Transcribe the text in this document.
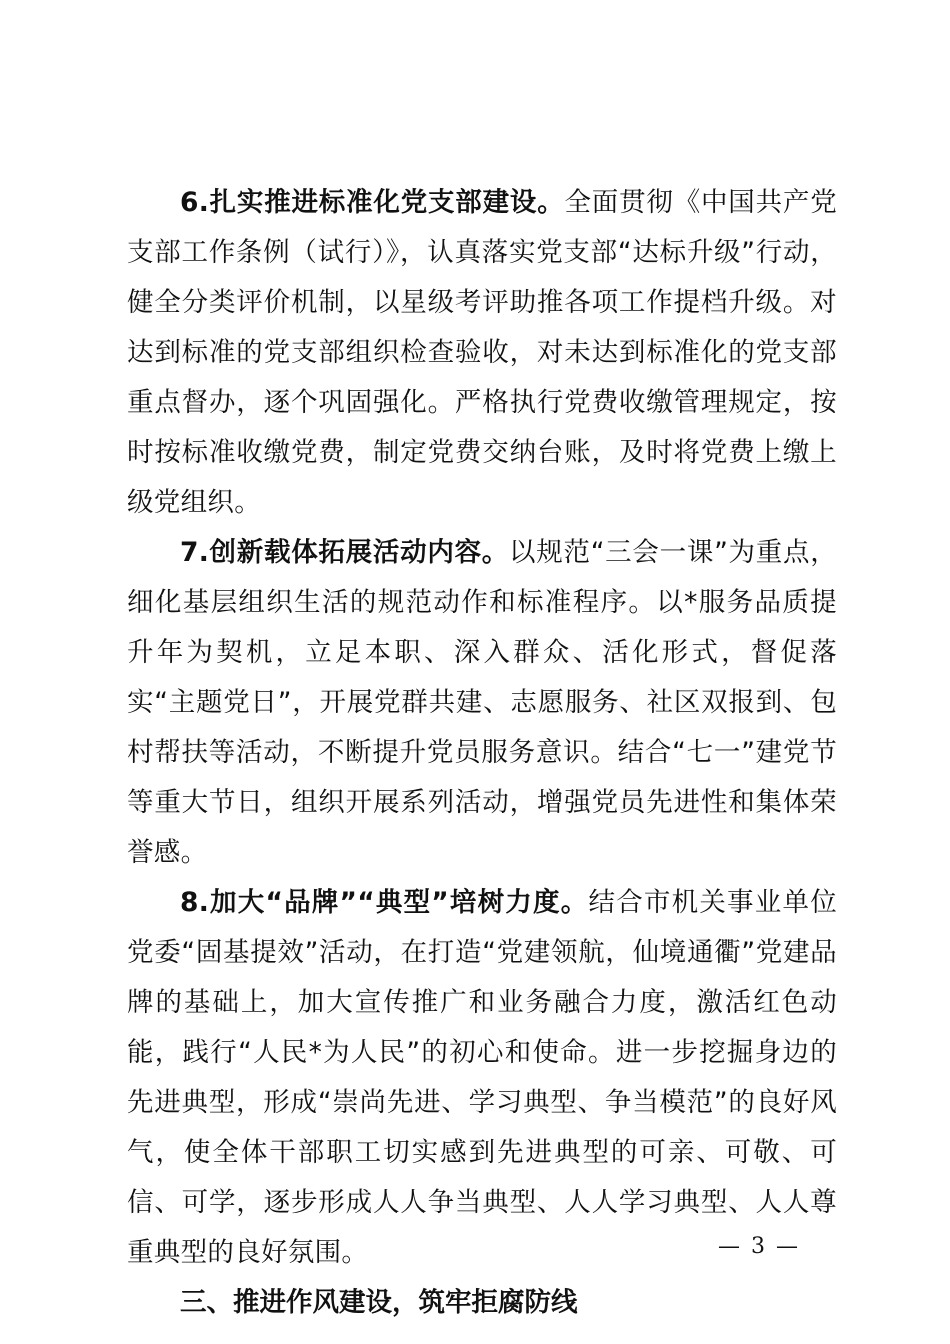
6.扎实推进标准化党支部建设。全面贯彻《中国共产党支部工作条例（试行）》，认真落实党支部“达标升级”行动，健全分类评价机制，以星级考评助推各项工作提档升级。对达到标准的党支部组织检查验收，对未达到标准化的党支部重点督办，逐个巩固强化。严格执行党费收缴管理规定，按时按标准收缴党费，制定党费交纳台账，及时将党费上缴上级党组织。

7.创新载体拓展活动内容。以规范“三会一课”为重点，细化基层组织生活的规范动作和标准程序。以*服务品质提升年为契机，立足本职、深入群众、活化形式，督促落实“主题党日”，开展党群共建、志愿服务、社区双报到、包村帮扶等活动，不断提升党员服务意识。结合“七一”建党节等重大节日，组织开展系列活动，增强党员先进性和集体荣誉感。

8.加大“品牌”“典型”培树力度。结合市机关事业单位党委“固基提效”活动，在打造“党建领航，仙境通衢”党建品牌的基础上，加大宣传推广和业务融合力度，激活红色动能，践行“人民*为人民”的初心和使命。进一步挖掘身边的先进典型，形成“崇尚先进、学习典型、争当模范”的良好风气，使全体干部职工切实感到先进典型的可亲、可敬、可信、可学，逐步形成人人争当典型、人人学习典型、人人尊重典型的良好氛围。

三、推进作风建设，筑牢拒腐防线

— 3 —
